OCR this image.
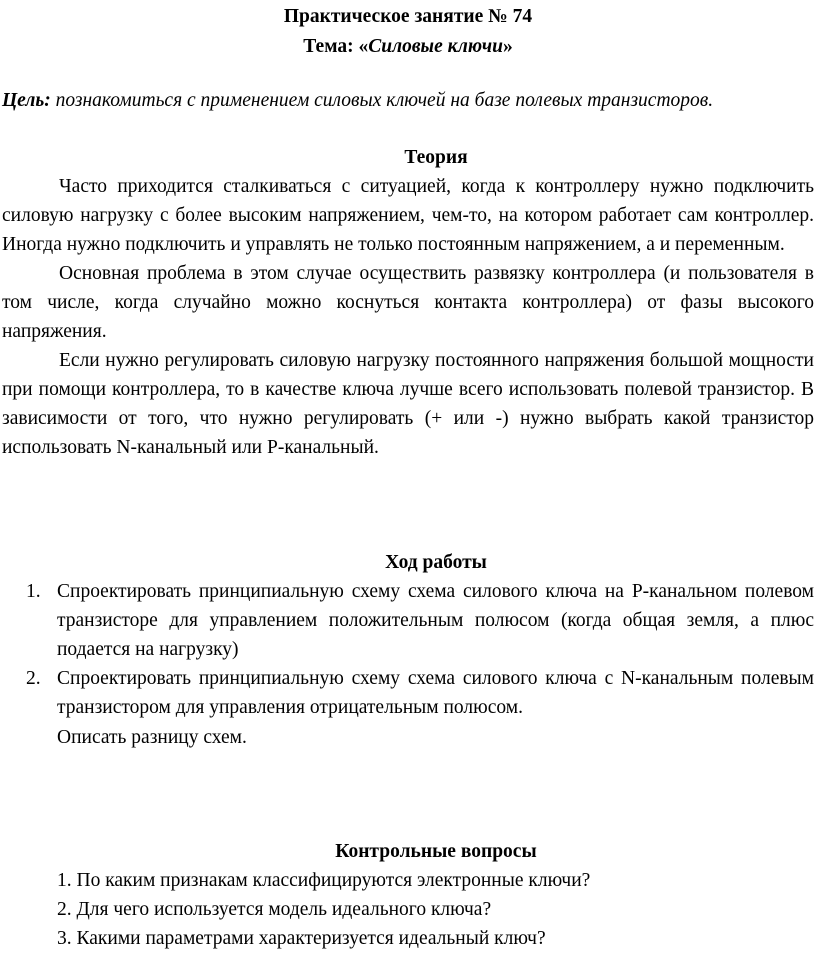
Практическое занятие № 74
Тема: «Силовые ключи»
Цель: познакомиться с применением силовых ключей на базе полевых транзисторов.
Теория

Часто приходится сталкиваться с ситуацией, когда к контроллеру нужно подключить силовую нагрузку с более высоким напряжением, чем-то, на котором работает сам контроллер. Иногда нужно подключить и управлять не только постоянным напряжением, а и переменным.

Основная проблема в этом случае осуществить развязку контроллера (и пользователя в том числе, когда случайно можно коснуться контакта контроллера) от фазы высокого напряжения.

Если нужно регулировать силовую нагрузку постоянного напряжения большой мощности при помощи контроллера, то в качестве ключа лучше всего использовать полевой транзистор. В зависимости от того, что нужно регулировать (+ или -) нужно выбрать какой транзистор использовать N-канальный или P-канальный.

Ход работы
1. Спроектировать принципиальную схему схема силового ключа на P-канальном полевом транзисторе для управлением положительным полюсом (когда общая земля, а плюс подается на нагрузку)
2. Спроектировать принципиальную схему схема силового ключа с N-канальным полевым транзистором для управления отрицательным полюсом.
Описать разницу схем.
Контрольные вопросы
1. По каким признакам классифицируются электронные ключи?
2. Для чего используется модель идеального ключа?
3. Какими параметрами характеризуется идеальный ключ?
